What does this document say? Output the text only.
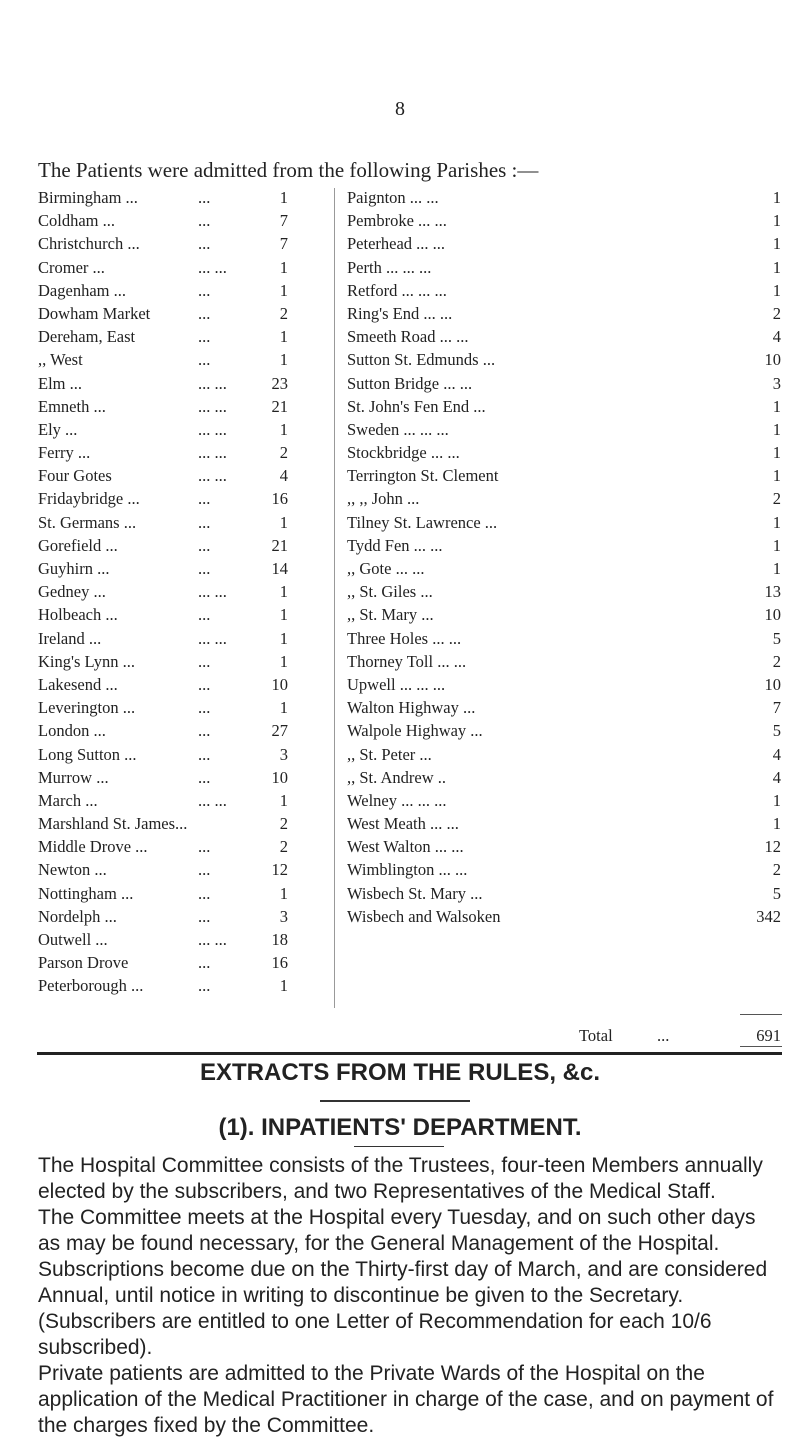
8
The Patients were admitted from the following Parishes :—
Birmingham ...	...	1
Coldham ...	...	7
Christchurch ...	...	7
Cromer ...	... ...	1
Dagenham ...	...	1
Dowham Market	...	2
Dereham, East	...	1
,, West	...	1
Elm ...	... ...	23
Emneth ...	... ...	21
Ely ...	... ...	1
Ferry ...	... ...	2
Four Gotes	... ...	4
Fridaybridge ...	...	16
St. Germans ...	...	1
Gorefield ...	...	21
Guyhirn ...	...	14
Gedney ...	... ...	1
Holbeach ...	...	1
Ireland ...	... ...	1
King's Lynn ...	...	1
Lakesend ...	...	10
Leverington ...	...	1
London ...	...	27
Long Sutton ...	...	3
Murrow ...	...	10
March ...	... ...	1
Marshland St. James...	2
Middle Drove ...	...	2
Newton ...	...	12
Nottingham ...	...	1
Nordelph ...	...	3
Outwell ...	... ...	18
Parson Drove	...	16
Peterborough ...	...	1
Paignton ... ...	1
Pembroke ... ...	1
Peterhead ... ...	1
Perth ... ... ...	1
Retford ... ... ...	1
Ring's End ... ...	2
Smeeth Road ... ...	4
Sutton St. Edmunds ...	10
Sutton Bridge ... ...	3
St. John's Fen End ...	1
Sweden ... ... ...	1
Stockbridge ... ...	1
Terrington St. Clement	1
,, ,, John ...	2
Tilney St. Lawrence ...	1
Tydd Fen ... ...	1
,, Gote ... ...	1
,, St. Giles ...	13
,, St. Mary ...	10
Three Holes ... ...	5
Thorney Toll ... ...	2
Upwell ... ... ...	10
Walton Highway ...	7
Walpole Highway ...	5
,, St. Peter ...	4
,, St. Andrew ..	4
Welney ... ... ...	1
West Meath ... ...	1
West Walton ... ...	12
Wimblington ... ...	2
Wisbech St. Mary ...	5
Wisbech and Walsoken	342
Total	...	691
EXTRACTS FROM THE RULES, &c.
(1). INPATIENTS' DEPARTMENT.

The Hospital Committee consists of the Trustees, four-teen Members annually elected by the subscribers, and two Representatives of the Medical Staff.

The Committee meets at the Hospital every Tuesday, and on such other days as may be found necessary, for the General Management of the Hospital.

Subscriptions become due on the Thirty-first day of March, and are considered Annual, until notice in writing to discontinue be given to the Secretary. (Subscribers are entitled to one Letter of Recommendation for each 10/6 subscribed).

Private patients are admitted to the Private Wards of the Hospital on the application of the Medical Practitioner in charge of the case, and on payment of the charges fixed by the Committee.
